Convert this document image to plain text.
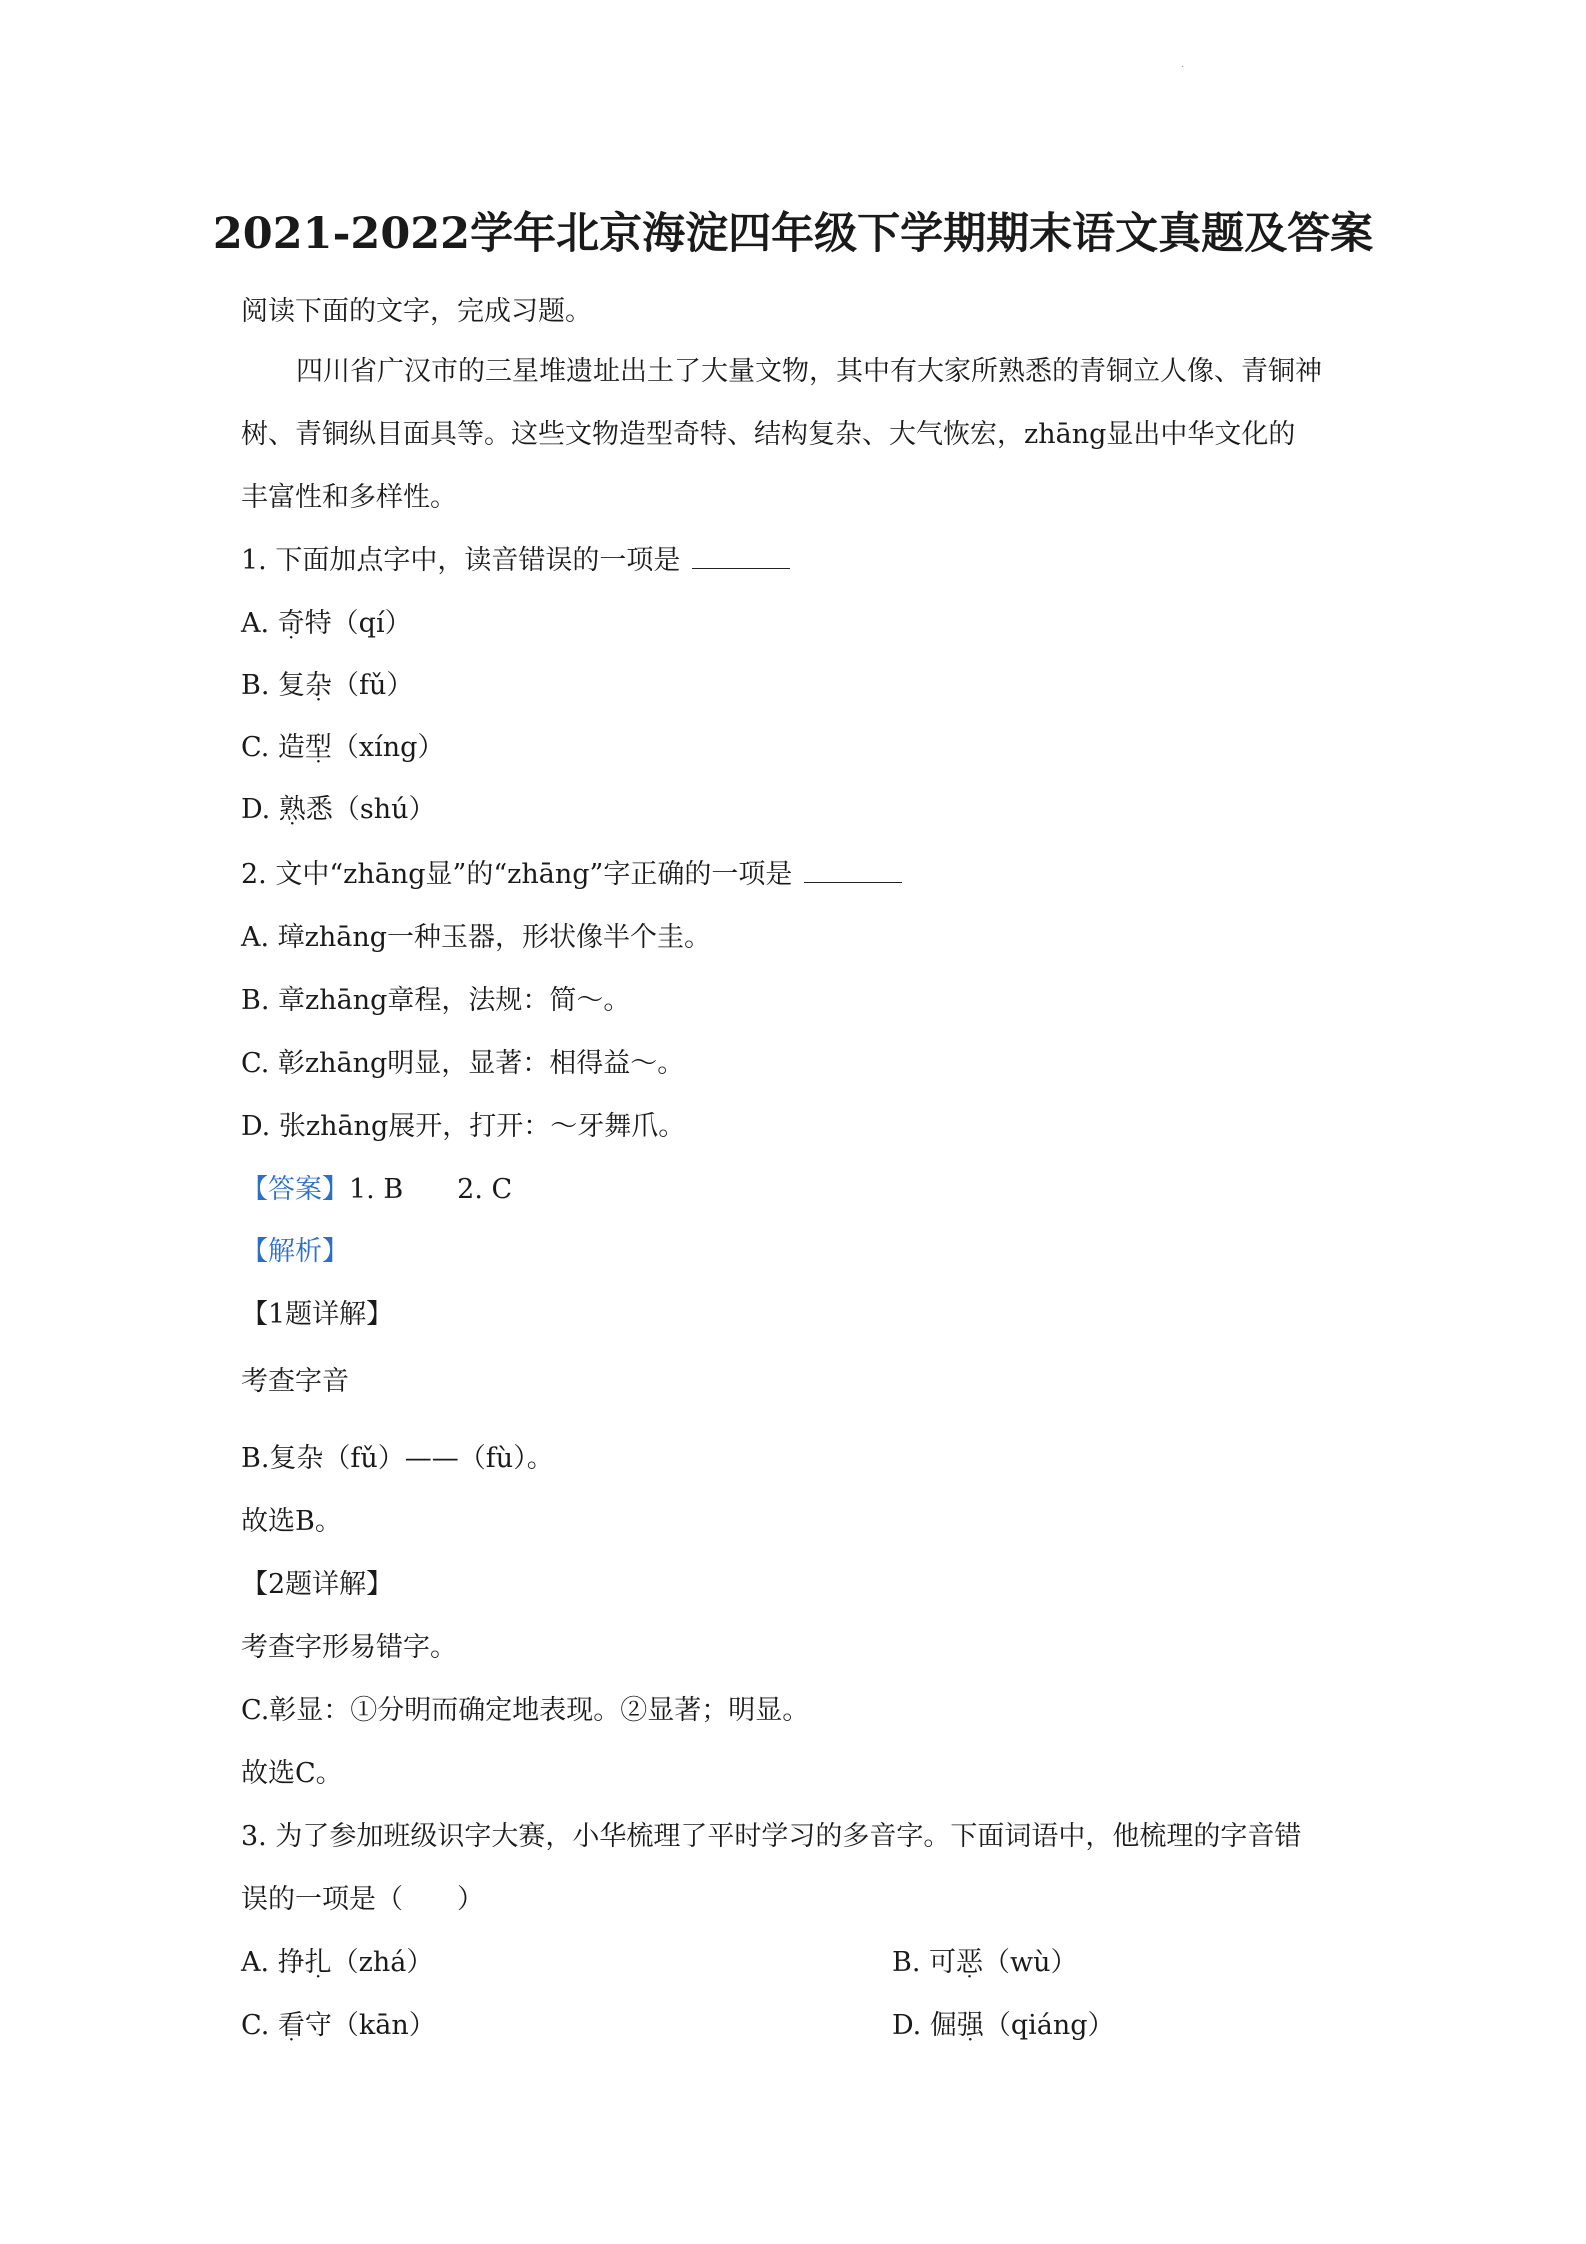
·
2021-2022学年北京海淀四年级下学期期末语文真题及答案
阅读下面的文字，完成习题。
四川省广汉市的三星堆遗址出土了大量文物，其中有大家所熟悉的青铜立人像、青铜神
树、青铜纵目面具等。这些文物造型奇特、结构复杂、大气恢宏，zhāng显出中华文化的
丰富性和多样性。
1. 下面加点字中，读音错误的一项是
A. 奇特（qí）
B. 复杂（fǔ）
C. 造型（xíng）
D. 熟悉（shú）
2. 文中“zhāng显”的“zhāng”字正确的一项是
A. 璋zhāng一种玉器，形状像半个圭。
B. 章zhāng章程，法规：简～。
C. 彰zhāng明显，显著：相得益～。
D. 张zhāng展开，打开：～牙舞爪。
【答案】1. B　　2. C
【解析】
【1题详解】
考查字音
B.复杂（fǔ）——（fù）。
故选B。
【2题详解】
考查字形易错字。
C.彰显：①分明而确定地表现。②显著；明显。
故选C。
3. 为了参加班级识字大赛，小华梳理了平时学习的多音字。下面词语中，他梳理的字音错
误的一项是（　　）
A. 挣扎（zhá）	B. 可恶（wù）
C. 看守（kān）	D. 倔强（qiáng）
